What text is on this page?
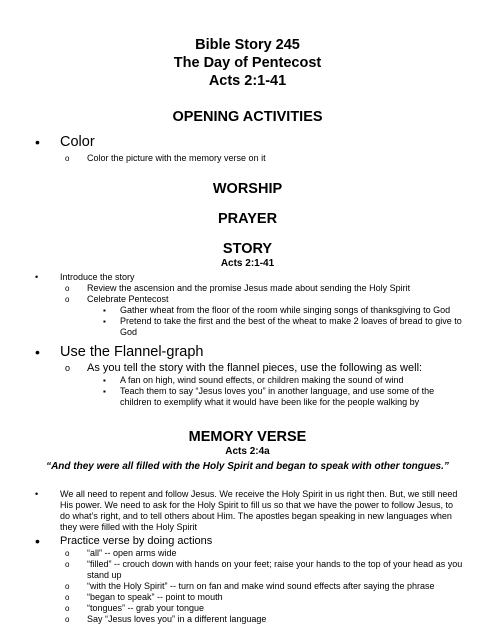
Bible Story 245
The Day of Pentecost
Acts 2:1-41
OPENING ACTIVITIES
• Color
o Color the picture with the memory verse on it
WORSHIP
PRAYER
STORY
Acts 2:1-41
• Introduce the story
o Review the ascension and the promise Jesus made about sending the Holy Spirit
o Celebrate Pentecost
▪ Gather wheat from the floor of the room while singing songs of thanksgiving to God
▪ Pretend to take the first and the best of the wheat to make 2 loaves of bread to give to God
• Use the Flannel-graph
o As you tell the story with the flannel pieces, use the following as well:
▪ A fan on high, wind sound effects, or children making the sound of wind
▪ Teach them to say “Jesus loves you” in another language, and use some of the children to exemplify what it would have been like for the people walking by
MEMORY VERSE
Acts 2:4a
“And they were all filled with the Holy Spirit and began to speak with other tongues.”
• We all need to repent and follow Jesus. We receive the Holy Spirit in us right then. But, we still need His power. We need to ask for the Holy Spirit to fill us so that we have the power to follow Jesus, to do what’s right, and to tell others about Him. The apostles began speaking in new languages when they were filled with the Holy Spirit
• Practice verse by doing actions
o “all” -- open arms wide
o “filled” -- crouch down with hands on your feet; raise your hands to the top of your head as you stand up
o “with the Holy Spirit” -- turn on fan and make wind sound effects after saying the phrase
o “began to speak” -- point to mouth
o “tongues” -- grab your tongue
o Say “Jesus loves you” in a different language
